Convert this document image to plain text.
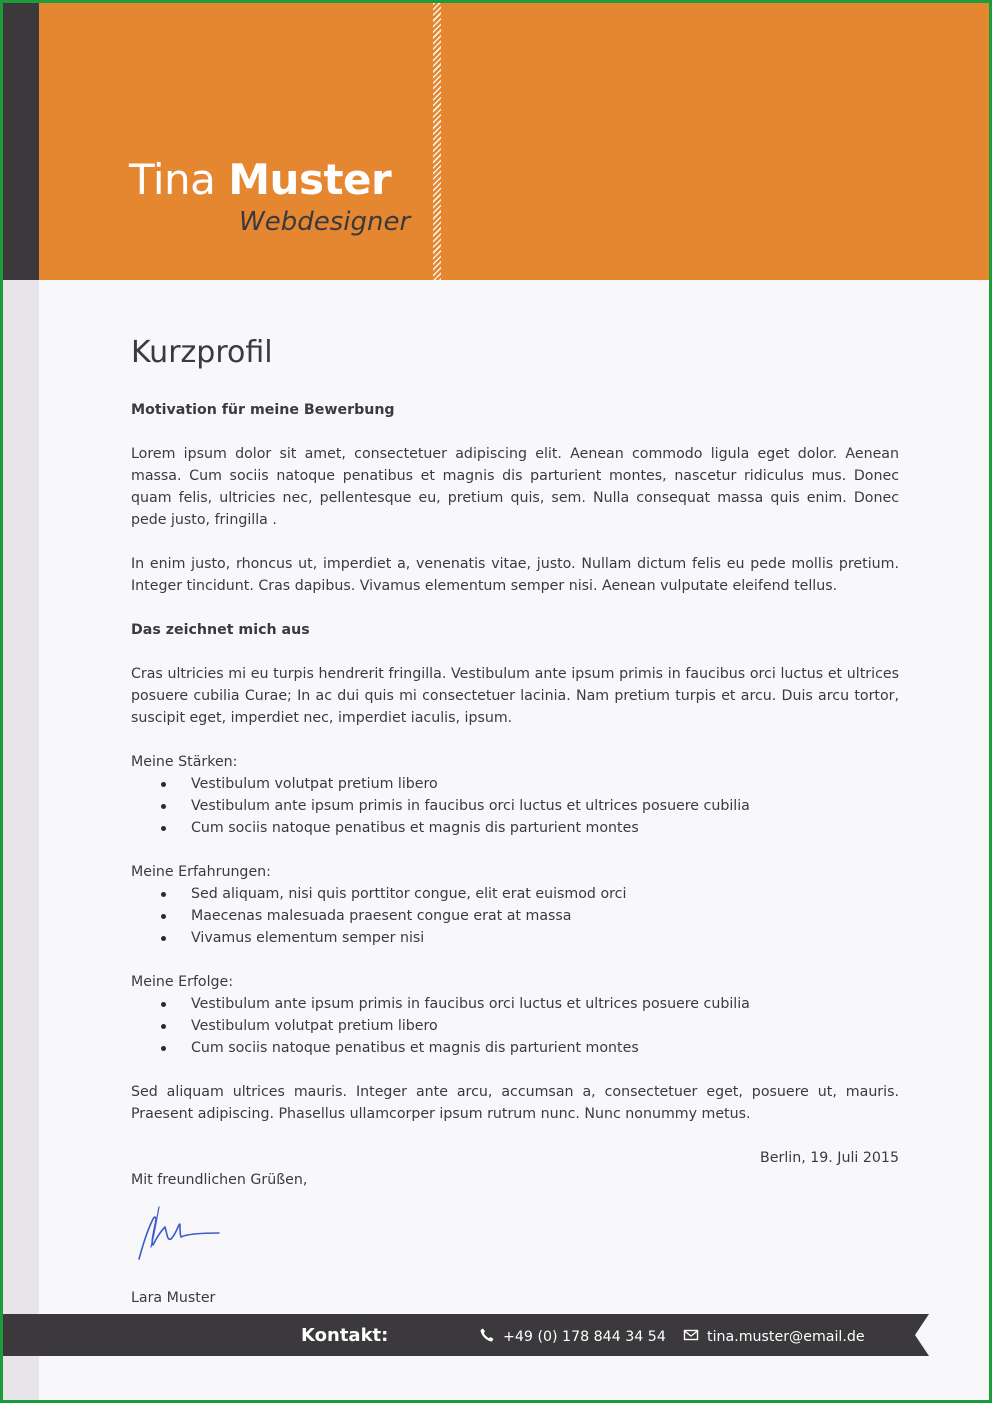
Tina Muster
Webdesigner
Kurzprofil
Motivation für meine Bewerbung

Lorem ipsum dolor sit amet, consectetuer adipiscing elit. Aenean commodo ligula eget dolor. Aenean massa. Cum sociis natoque penatibus et magnis dis parturient montes, nascetur ridiculus mus. Donec quam felis, ultricies nec, pellentesque eu, pretium quis, sem. Nulla consequat massa quis enim. Donec pede justo, fringilla .

In enim justo, rhoncus ut, imperdiet a, venenatis vitae, justo. Nullam dictum felis eu pede mollis pretium. Integer tincidunt. Cras dapibus. Vivamus elementum semper nisi. Aenean vulputate eleifend tellus.

Das zeichnet mich aus

Cras ultricies mi eu turpis hendrerit fringilla. Vestibulum ante ipsum primis in faucibus orci luctus et ultrices posuere cubilia Curae; In ac dui quis mi consectetuer lacinia. Nam pretium turpis et arcu. Duis arcu tortor, suscipit eget, imperdiet nec, imperdiet iaculis, ipsum.

Meine Stärken:
Vestibulum volutpat pretium libero
Vestibulum ante ipsum primis in faucibus orci luctus et ultrices posuere cubilia
Cum sociis natoque penatibus et magnis dis parturient montes
Meine Erfahrungen:
Sed aliquam, nisi quis porttitor congue, elit erat euismod orci
Maecenas malesuada praesent congue erat at massa
Vivamus elementum semper nisi
Meine Erfolge:
Vestibulum ante ipsum primis in faucibus orci luctus et ultrices posuere cubilia
Vestibulum volutpat pretium libero
Cum sociis natoque penatibus et magnis dis parturient montes

Sed aliquam ultrices mauris. Integer ante arcu, accumsan a, consectetuer eget, posuere ut, mauris. Praesent adipiscing. Phasellus ullamcorper ipsum rutrum nunc. Nunc nonummy metus.

Berlin, 19. Juli 2015
Mit freundlichen Grüßen,
Lara Muster
Kontakt:	+49 (0) 178 844 34 54	tina.muster@email.de
